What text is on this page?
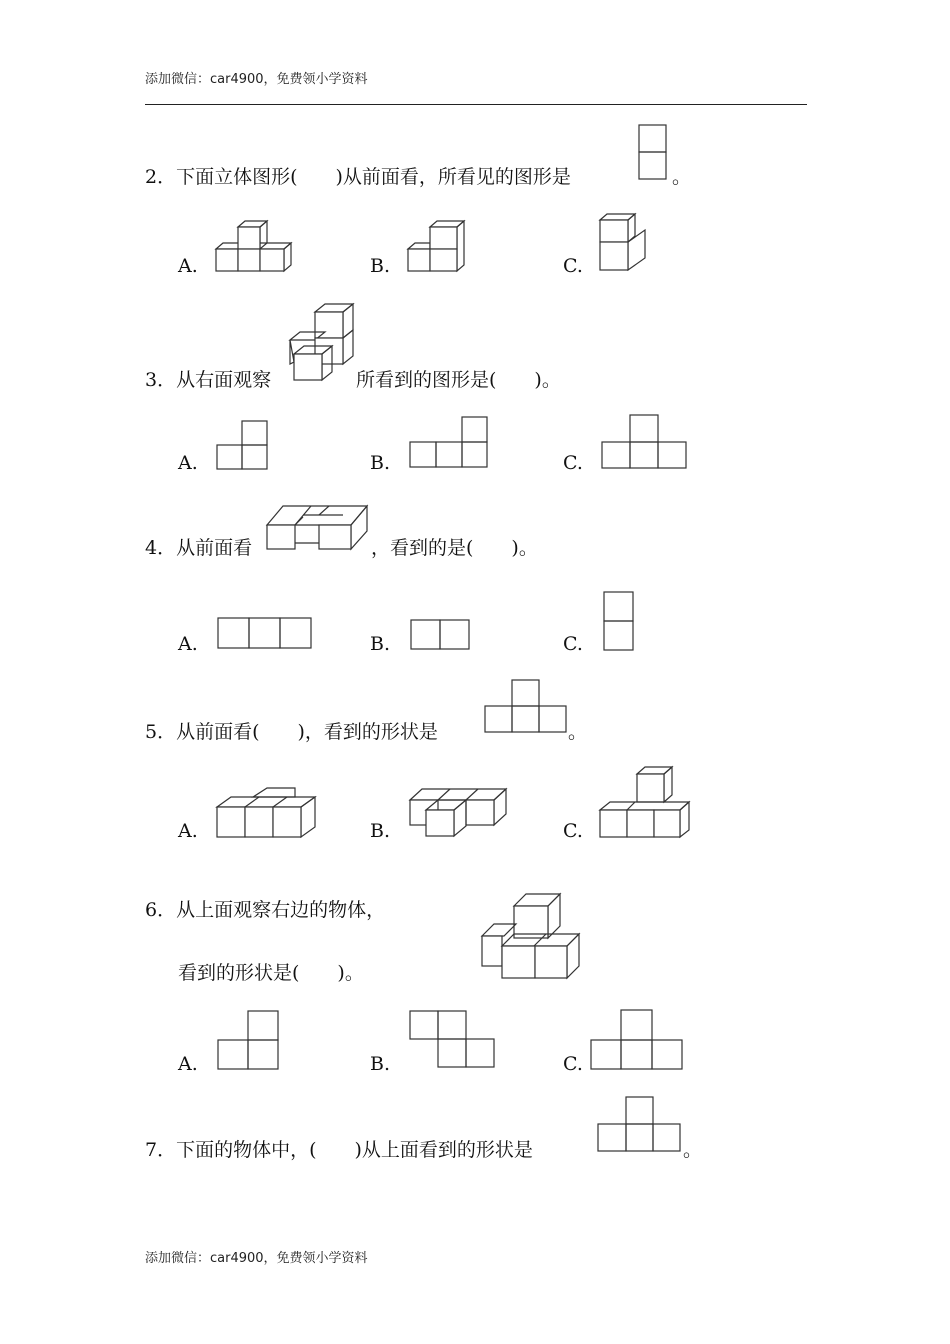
添加微信：car4900，免费领小学资料
2．下面立体图形(　　)从前面看，所看见的图形是	。
A.	B.	C.
3．从右面观察	所看到的图形是(　　)。
A.	B.	C.
4．从前面看	，看到的是(　　)。
A.	B.	C.
5．从前面看(　　)，看到的形状是	。
A.	B.	C.
6．从上面观察右边的物体，
看到的形状是(　　)。
A.	B.	C.
7．下面的物体中，(　　)从上面看到的形状是	。
添加微信：car4900，免费领小学资料
